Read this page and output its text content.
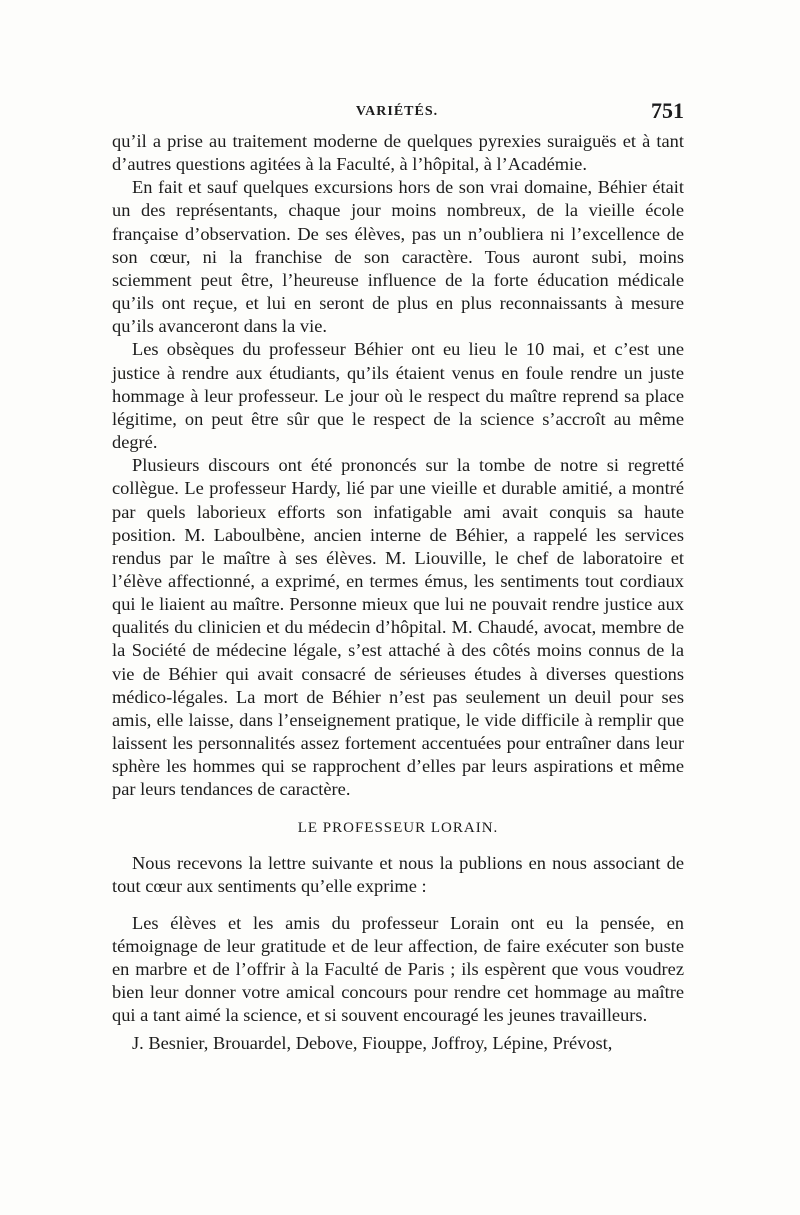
VARIÉTÉS.	751

qu’il a prise au traitement moderne de quelques pyrexies suraiguës et à tant d’autres questions agitées à la Faculté, à l’hôpital, à l’Académie.

En fait et sauf quelques excursions hors de son vrai domaine, Béhier était un des représentants, chaque jour moins nombreux, de la vieille école française d’observation. De ses élèves, pas un n’oubliera ni l’excellence de son cœur, ni la franchise de son caractère. Tous auront subi, moins sciemment peut être, l’heureuse influence de la forte éducation médicale qu’ils ont reçue, et lui en seront de plus en plus reconnaissants à mesure qu’ils avanceront dans la vie.

Les obsèques du professeur Béhier ont eu lieu le 10 mai, et c’est une justice à rendre aux étudiants, qu’ils étaient venus en foule rendre un juste hommage à leur professeur. Le jour où le respect du maître reprend sa place légitime, on peut être sûr que le respect de la science s’accroît au même degré.

Plusieurs discours ont été prononcés sur la tombe de notre si regretté collègue. Le professeur Hardy, lié par une vieille et durable amitié, a montré par quels laborieux efforts son infatigable ami avait conquis sa haute position. M. Laboulbène, ancien interne de Béhier, a rappelé les services rendus par le maître à ses élèves. M. Liouville, le chef de laboratoire et l’élève affectionné, a exprimé, en termes émus, les sentiments tout cordiaux qui le liaient au maître. Personne mieux que lui ne pouvait rendre justice aux qualités du clinicien et du médecin d’hôpital. M. Chaudé, avocat, membre de la Société de médecine légale, s’est attaché à des côtés moins connus de la vie de Béhier qui avait consacré de sérieuses études à diverses questions médico-légales. La mort de Béhier n’est pas seulement un deuil pour ses amis, elle laisse, dans l’enseignement pratique, le vide difficile à remplir que laissent les personnalités assez fortement accentuées pour entraîner dans leur sphère les hommes qui se rapprochent d’elles par leurs aspirations et même par leurs tendances de caractère.

LE PROFESSEUR LORAIN.

Nous recevons la lettre suivante et nous la publions en nous associant de tout cœur aux sentiments qu’elle exprime :

Les élèves et les amis du professeur Lorain ont eu la pensée, en témoignage de leur gratitude et de leur affection, de faire exécuter son buste en marbre et de l’offrir à la Faculté de Paris ; ils espèrent que vous voudrez bien leur donner votre amical concours pour rendre cet hommage au maître qui a tant aimé la science, et si souvent encouragé les jeunes travailleurs.

J. Besnier, Brouardel, Debove, Fiouppe, Joffroy, Lépine, Prévost,
